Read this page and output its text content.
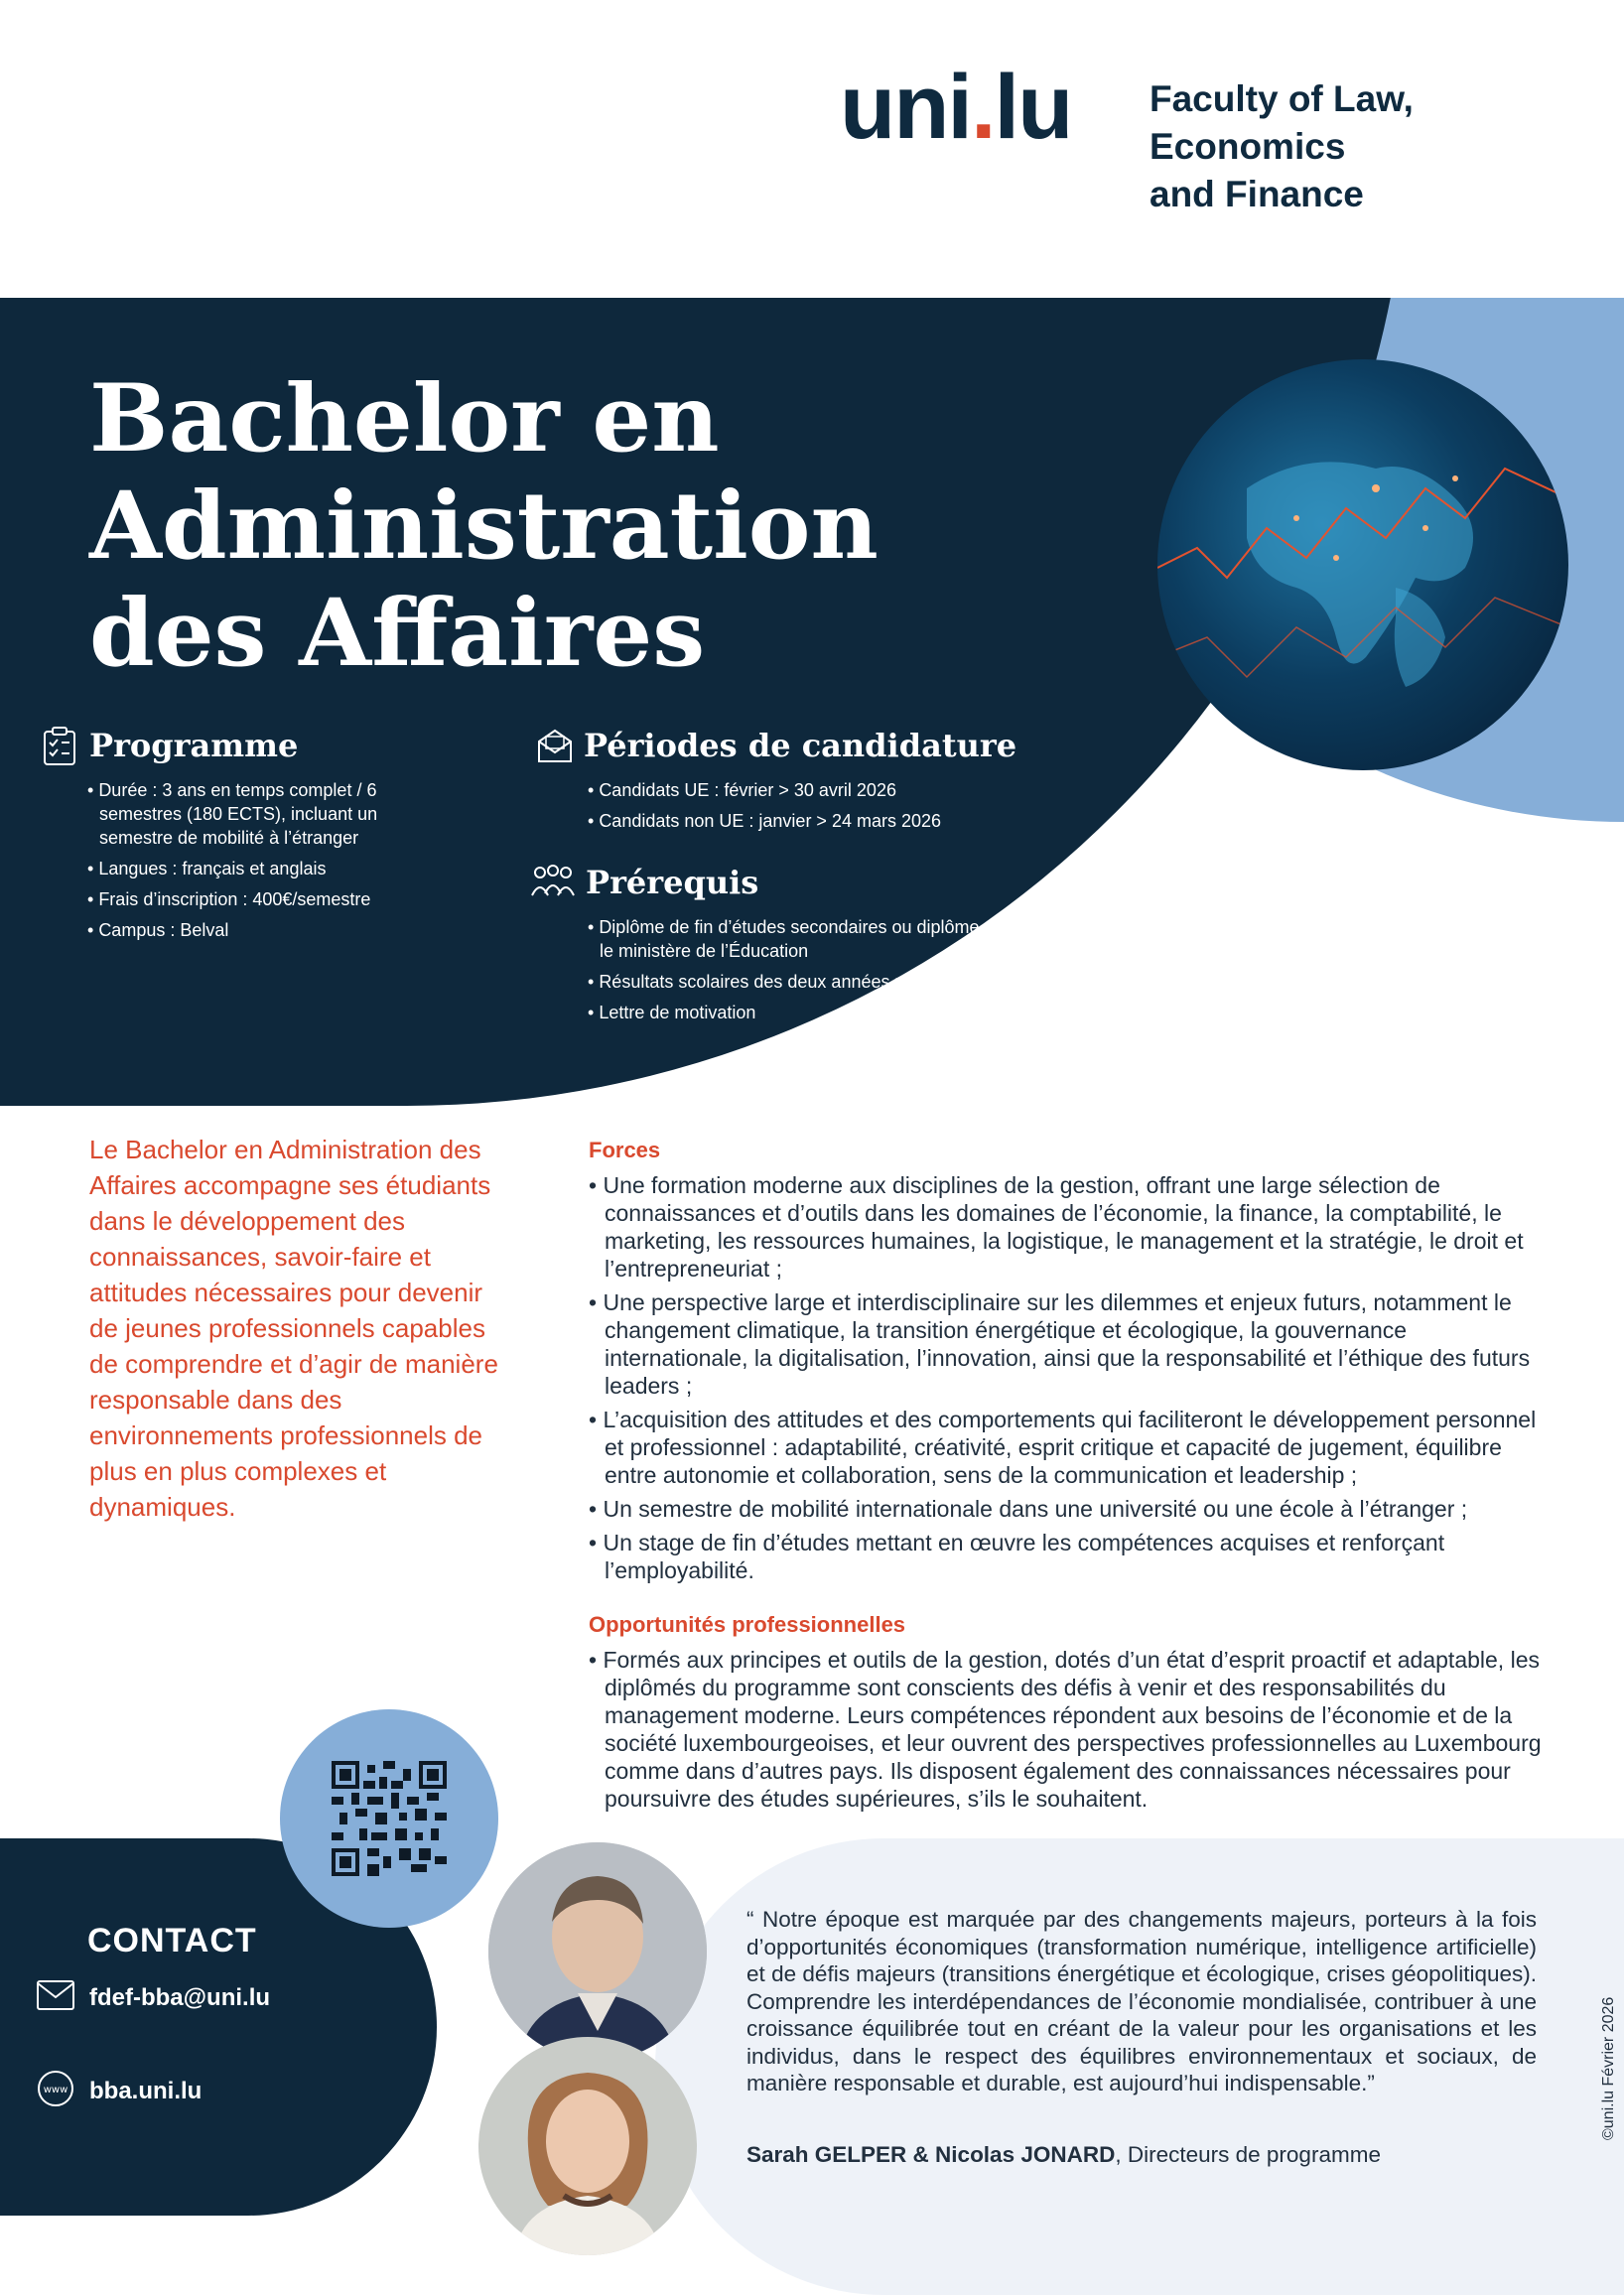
uni.lu Faculty of Law,
Economics
and Finance
Bachelor en
Administration
des Affaires
Programme
• Durée : 3 ans en temps complet / 6 semestres (180 ECTS), incluant un semestre de mobilité à l’étranger
• Langues : français et anglais
• Frais d’inscription : 400€/semestre
• Campus : Belval
Périodes de candidature
• Candidats UE : février > 30 avril 2026
• Candidats non UE : janvier > 24 mars 2026
Prérequis
• Diplôme de fin d’études secondaires ou diplôme équivalent reconnu par le ministère de l’Éducation
• Résultats scolaires des deux années précédentes + l’année en cours
• Lettre de motivation
Le Bachelor en Administration des Affaires accompagne ses étudiants dans le développement des connaissances, savoir-faire et attitudes nécessaires pour devenir de jeunes professionnels capables de comprendre et d’agir de manière responsable dans des environnements professionnels de plus en plus complexes et dynamiques.
Forces
• Une formation moderne aux disciplines de la gestion, offrant une large sélection de connaissances et d’outils dans les domaines de l’économie, la finance, la comptabilité, le marketing, les ressources humaines, la logistique, le management et la stratégie, le droit et l’entrepreneuriat ;
• Une perspective large et interdisciplinaire sur les dilemmes et enjeux futurs, notamment le changement climatique, la transition énergétique et écologique, la gouvernance internationale, la digitalisation, l’innovation, ainsi que la responsabilité et l’éthique des futurs leaders ;
• L’acquisition des attitudes et des comportements qui faciliteront le développement personnel et professionnel : adaptabilité, créativité, esprit critique et capacité de jugement, équilibre entre autonomie et collaboration, sens de la communication et leadership ;
• Un semestre de mobilité internationale dans une université ou une école à l’étranger ;
• Un stage de fin d’études mettant en œuvre les compétences acquises et renforçant l’employabilité.
Opportunités professionnelles
• Formés aux principes et outils de la gestion, dotés d’un état d’esprit proactif et adaptable, les diplômés du programme sont conscients des défis à venir et des responsabilités du management moderne. Leurs compétences répondent aux besoins de l’économie et de la société luxembourgeoises, et leur ouvrent des perspectives professionnelles au Luxembourg comme dans d’autres pays. Ils disposent également des connaissances nécessaires pour poursuivre des études supérieures, s’ils le souhaitent.
CONTACT
fdef-bba@uni.lu
www bba.uni.lu
“ Notre époque est marquée par des changements majeurs, porteurs à la fois d’opportunités économiques (transformation numérique, intelligence artificielle) et de défis majeurs (transitions énergétique et écologique, crises géopolitiques). Comprendre les interdépendances de l’économie mondialisée, contribuer à une croissance équilibrée tout en créant de la valeur pour les organisations et les individus, dans le respect des équilibres environnementaux et sociaux, de manière responsable et durable, est aujourd’hui indispensable.”
Sarah GELPER & Nicolas JONARD, Directeurs de programme
©uni.lu Février 2026
